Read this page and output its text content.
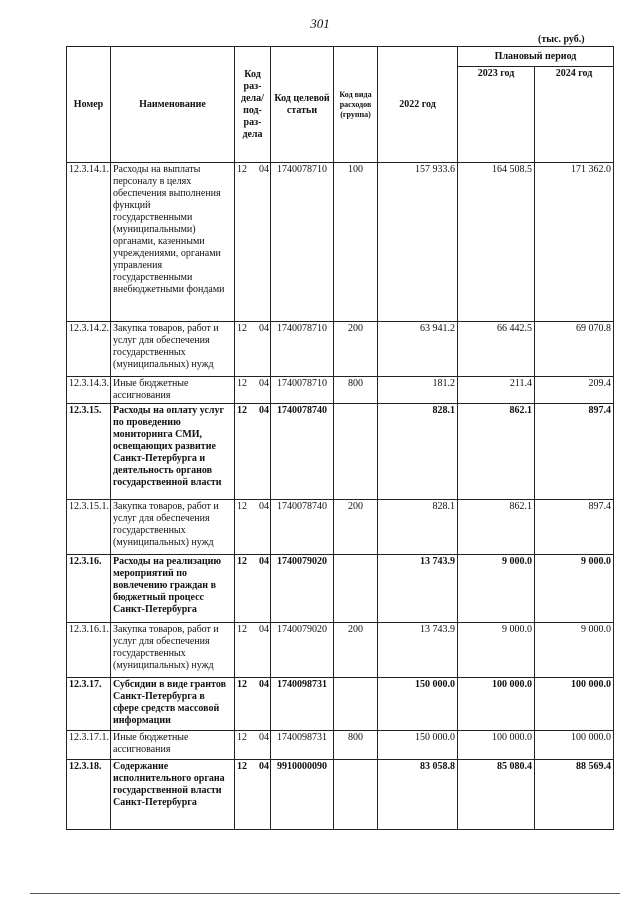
301
(тыс. руб.)
Номер	Наименование	Код раз-дела/ под-раз-дела	Код целевой статьи	Код вида расходов (группа)	2022 год	Плановый период	
						2023 год	2024 год
12.3.14.1.	Расходы на выплаты персоналу в целях обеспечения выполнения функций государственными (муниципальными) органами, казенными учреждениями, органами управления государственными внебюджетными фондами	12 04	1740078710	100	157 933.6	164 508.5	171 362.0
12.3.14.2.	Закупка товаров, работ и услуг для обеспечения государственных (муниципальных) нужд	12 04	1740078710	200	63 941.2	66 442.5	69 070.8
12.3.14.3.	Иные бюджетные ассигнования	12 04	1740078710	800	181.2	211.4	209.4
12.3.15.	Расходы на оплату услуг по проведению мониторинга СМИ, освещающих развитие Санкт-Петербурга и деятельность органов государственной власти	12 04	1740078740		828.1	862.1	897.4
12.3.15.1.	Закупка товаров, работ и услуг для обеспечения государственных (муниципальных) нужд	12 04	1740078740	200	828.1	862.1	897.4
12.3.16.	Расходы на реализацию мероприятий по вовлечению граждан в бюджетный процесс Санкт-Петербурга	12 04	1740079020		13 743.9	9 000.0	9 000.0
12.3.16.1.	Закупка товаров, работ и услуг для обеспечения государственных (муниципальных) нужд	12 04	1740079020	200	13 743.9	9 000.0	9 000.0
12.3.17.	Субсидии в виде грантов Санкт-Петербурга в сфере средств массовой информации	12 04	1740098731		150 000.0	100 000.0	100 000.0
12.3.17.1.	Иные бюджетные ассигнования	12 04	1740098731	800	150 000.0	100 000.0	100 000.0
12.3.18.	Содержание исполнительного органа государственной власти Санкт-Петербурга	12 04	9910000090		83 058.8	85 080.4	88 569.4
